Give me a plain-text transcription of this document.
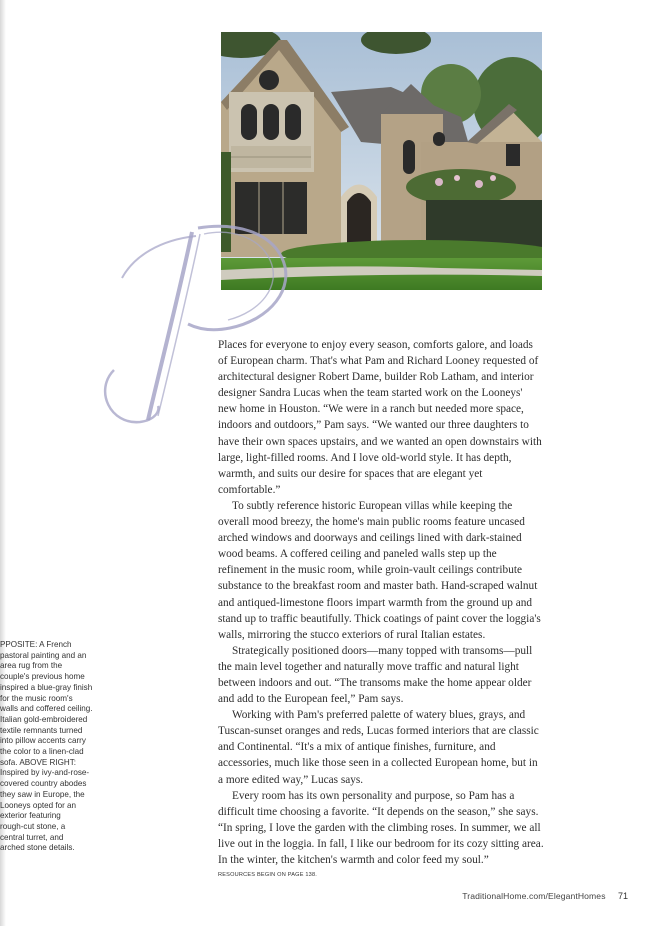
Places for everyone to enjoy every season, comforts galore, and loads of European charm. That's what Pam and Richard Looney requested of architectural designer Robert Dame, builder Rob Latham, and interior designer Sandra Lucas when the team started work on the Looneys' new home in Houston. “We were in a ranch but needed more space, indoors and outdoors,” Pam says. “We wanted our three daughters to have their own spaces upstairs, and we wanted an open downstairs with large, light-filled rooms. And I love old-world style. It has depth, warmth, and suits our desire for spaces that are elegant yet comfortable.”

To subtly reference historic European villas while keeping the overall mood breezy, the home's main public rooms feature uncased arched windows and doorways and ceilings lined with dark-stained wood beams. A coffered ceiling and paneled walls step up the refinement in the music room, while groin-vault ceilings contribute substance to the breakfast room and master bath. Hand-scraped walnut and antiqued-limestone floors impart warmth from the ground up and stand up to traffic beautifully. Thick coatings of paint cover the loggia's walls, mirroring the stucco exteriors of rural Italian estates.

Strategically positioned doors—many topped with transoms—pull the main level together and naturally move traffic and natural light between indoors and out. “The transoms make the home appear older and add to the European feel,” Pam says.

Working with Pam's preferred palette of watery blues, grays, and Tuscan-sunset oranges and reds, Lucas formed interiors that are classic and Continental. “It's a mix of antique finishes, furniture, and accessories, much like those seen in a collected European home, but in a more edited way,” Lucas says.

Every room has its own personality and purpose, so Pam has a difficult time choosing a favorite. “It depends on the season,” she says. “In spring, I love the garden with the climbing roses. In summer, we all live out in the loggia. In fall, I like our bedroom for its cozy sitting area. In the winter, the kitchen's warmth and color feed my soul.”

RESOURCES BEGIN ON PAGE 138.
PPOSITE: A French
pastoral painting and an
area rug from the
couple's previous home
inspired a blue-gray finish
for the music room's
walls and coffered ceiling.
Italian gold-embroidered
textile remnants turned
into pillow accents carry
the color to a linen-clad
sofa. ABOVE RIGHT:
Inspired by ivy-and-rose-
covered country abodes
they saw in Europe, the
Looneys opted for an
exterior featuring
rough-cut stone, a
central turret, and
arched stone details.
TraditionalHome.com/ElegantHomes 71
